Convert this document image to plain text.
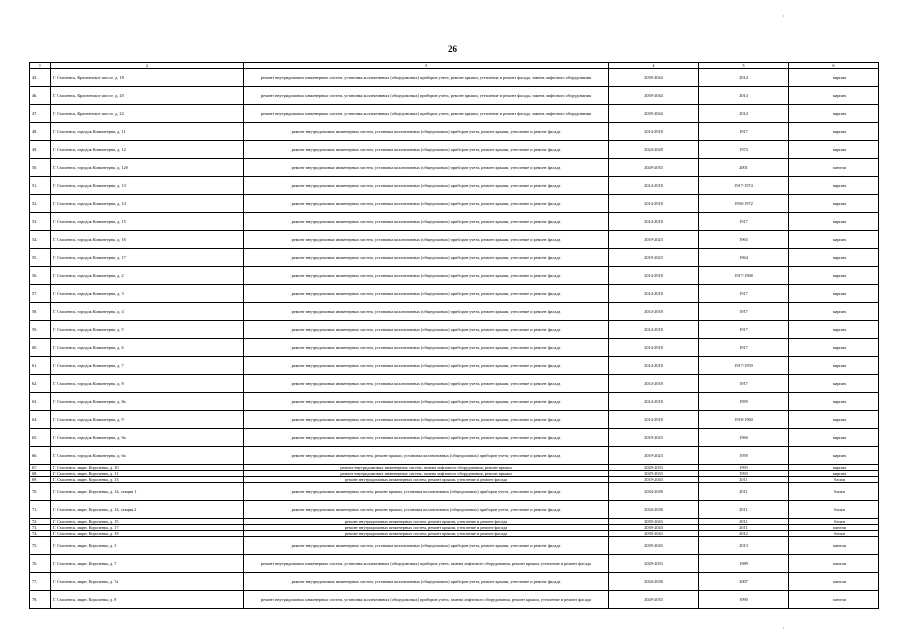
'
26
1	2	3	4	5	6
45.	Г. Смоленск, Красненское шоссе, д. 18	ремонт внутридомовых инженерных систем, установка коллективных (общедомовых) приборов учета, ремонт крыши, утепление и ремонт фасада, замена лифтового оборудования	2039-2044	2014	кирпич
46.	Г. Смоленск, Красненское шоссе, д. 20	ремонт внутридомовых инженерных систем, установка коллективных (общедомовых) приборов учета, ремонт крыши, утепление и ремонт фасада, замена лифтового оборудования	2039-2044	2014	кирпич
47.	Г. Смоленск, Красненское шоссе, д. 22	ремонт внутридомовых инженерных систем, установка коллективных (общедомовых) приборов учета, ремонт крыши, утепление и ремонт фасада, замена лифтового оборудования	2039-2044	2014	кирпич
48.	Г. Смоленск, городок Коминтерна, д. 11	ремонт внутридомовых инженерных систем, установка коллективных (общедомовых) приборов учета, ремонт крыши, утепление и ремонт фасада	2014-2018	1917	кирпич
49.	Г. Смоленск, городок Коминтерна, д. 12	ремонт внутридомовых инженерных систем, установка коллективных (общедомовых) приборов учета, ремонт крыши, утепление и ремонт фасада	2024-2028	1974	кирпич
50.	Г. Смоленск, городок Коминтерна, д. 12б	ремонт внутридомовых инженерных систем, установка коллективных (общедомовых) приборов учета, ремонт крыши, утепление и ремонт фасада	2029-2033	2001	панели
51.	Г. Смоленск, городок Коминтерна, д. 13	ремонт внутридомовых инженерных систем, установка коллективных (общедомовых) приборов учета, ремонт крыши, утепление и ремонт фасада	2014-2018	1917-1974	кирпич
52.	Г. Смоленск, городок Коминтерна, д. 14	ремонт внутридомовых инженерных систем, установка коллективных (общедомовых) приборов учета, ремонт крыши, утепление и ремонт фасада	2014-2018	1930-1972	кирпич
53.	Г. Смоленск, городок Коминтерна, д. 15	ремонт внутридомовых инженерных систем, установка коллективных (общедомовых) приборов учета, ремонт крыши, утепление и ремонт фасада	2014-2018	1917	кирпич
54.	Г. Смоленск, городок Коминтерна, д. 16	ремонт внутридомовых инженерных систем, установка коллективных (общедомовых) приборов учета, ремонт крыши, утепление и ремонт фасада	2019-2023	1963	кирпич
55.	Г. Смоленск, городок Коминтерна, д. 17	ремонт внутридомовых инженерных систем, установка коллективных (общедомовых) приборов учета, ремонт крыши, утепление и ремонт фасада	2019-2023	1964	кирпич
56.	Г. Смоленск, городок Коминтерна, д. 2	ремонт внутридомовых инженерных систем, установка коллективных (общедомовых) приборов учета, ремонт крыши, утепление и ремонт фасада	2014-2018	1917-1968	кирпич
57.	Г. Смоленск, городок Коминтерна, д. 3	ремонт внутридомовых инженерных систем, установка коллективных (общедомовых) приборов учета, ремонт крыши, утепление и ремонт фасада	2014-2018	1917	кирпич
58.	Г. Смоленск, городок Коминтерна, д. 4	ремонт внутридомовых инженерных систем, установка коллективных (общедомовых) приборов учета, ремонт крыши, утепление и ремонт фасада	2014-2018	1917	кирпич
59.	Г. Смоленск, городок Коминтерна, д. 5	ремонт внутридомовых инженерных систем, установка коллективных (общедомовых) приборов учета, ремонт крыши, утепление и ремонт фасада	2014-2018	1917	кирпич
60.	Г. Смоленск, городок Коминтерна, д. 6	ремонт внутридомовых инженерных систем, установка коллективных (общедомовых) приборов учета, ремонт крыши, утепление и ремонт фасада	2014-2018	1917	кирпич
61.	Г. Смоленск, городок Коминтерна, д. 7	ремонт внутридомовых инженерных систем, установка коллективных (общедомовых) приборов учета, ремонт крыши, утепление и ремонт фасада	2014-2018	1917-1959	кирпич
62.	Г. Смоленск, городок Коминтерна, д. 8	ремонт внутридомовых инженерных систем, установка коллективных (общедомовых) приборов учета, ремонт крыши, утепление и ремонт фасада	2014-2018	1917	кирпич
63.	Г. Смоленск, городок Коминтерна, д. 8а	ремонт внутридомовых инженерных систем, установка коллективных (общедомовых) приборов учета, ремонт крыши, утепление и ремонт фасада	2014-2018	1959	кирпич
64.	Г. Смоленск, городок Коминтерна, д. 9	ремонт внутридомовых инженерных систем, установка коллективных (общедомовых) приборов учета, ремонт крыши, утепление и ремонт фасада	2014-2018	1918-1960	кирпич
65.	Г. Смоленск, городок Коминтерна, д. 9а	ремонт внутридомовых инженерных систем, установка коллективных (общедомовых) приборов учета, ремонт крыши, утепление и ремонт фасада	2019-2023	1966	кирпич
66.	Г. Смоленск, городок Коминтерна, д. 6а	ремонт внутридомовых инженерных систем, ремонт крыши, установка коллективных (общедомовых) приборов учета, утепление и ремонт фасада	2019-2023	1959	кирпич
67.	Г. Смоленск, мкрн. Королевка, д. 10	ремонт внутридомовых инженерных систем, замена лифтового оборудования, ремонт крыши	2029-2033	1993	кирпич
68.	Г. Смоленск, мкрн. Королевка, д. 11	ремонт внутридомовых инженерных систем, замена лифтового оборудования, ремонт крыши	2029-2033	1993	кирпич
69.	Г. Смоленск, мкрн. Королевка, д. 13	ремонт внутридомовых инженерных систем, ремонт крыши, утепление и ремонт фасада	2019-2043	2011	блоки
70.	Г. Смоленск, мкрн. Королевка, д. 14, секция 1	ремонт внутридомовых инженерных систем, ремонт крыши, установка коллективных (общедомовых) приборов учета, утепление и ремонт фасада	2034-2038	2011	блоки
71.	Г. Смоленск, мкрн. Королевка, д. 14, секция 2	ремонт внутридомовых инженерных систем, ремонт крыши, установка коллективных (общедомовых) приборов учета, утепление и ремонт фасада	2034-2038	2011	блоки
72.	Г. Смоленск, мкрн. Королевка, д. 15	ремонт внутридомовых инженерных систем, ремонт крыши, утепление и ремонт фасада	2039-2043	2011	блоки
73.	Г. Смоленск, мкрн. Королевка, д. 17	ремонт внутридомовых инженерных систем, ремонт крыши, утепление и ремонт фасада	2039-2043	2011	панели
74.	Г. Смоленск, мкрн. Королевка, д. 19	ремонт внутридомовых инженерных систем, ремонт крыши, утепление и ремонт фасада	2039-2043	2012	блоки
75.	Г. Смоленск, мкрн. Королевка, д. 3	ремонт внутридомовых инженерных систем, установка коллективных (общедомовых) приборов учета, ремонт крыши, утепление и ремонт фасада	2039-2043	2013	панели
76.	Г. Смоленск, мкрн. Королевка, д. 7	ремонт внутридомовых инженерных систем, установка коллективных (общедомовых) приборов учета, замена лифтового оборудования, ремонт крыши, утепление и ремонт фасада	2029-2033	1989	панели
77.	Г. Смоленск, мкрн. Королевка, д. 7а	ремонт внутридомовых инженерных систем, установка коллективных (общедомовых) приборов учета, ремонт крыши, утепление и ремонт фасада	2034-2038	2007	панели
78.	Г. Смоленск, мкрн. Королевка, д. 8	ремонт внутридомовых инженерных систем, установка коллективных (общедомовых) приборов учета, замена лифтового оборудования, ремонт крыши, утепление и ремонт фасада	2029-2033	1990	панели
'
